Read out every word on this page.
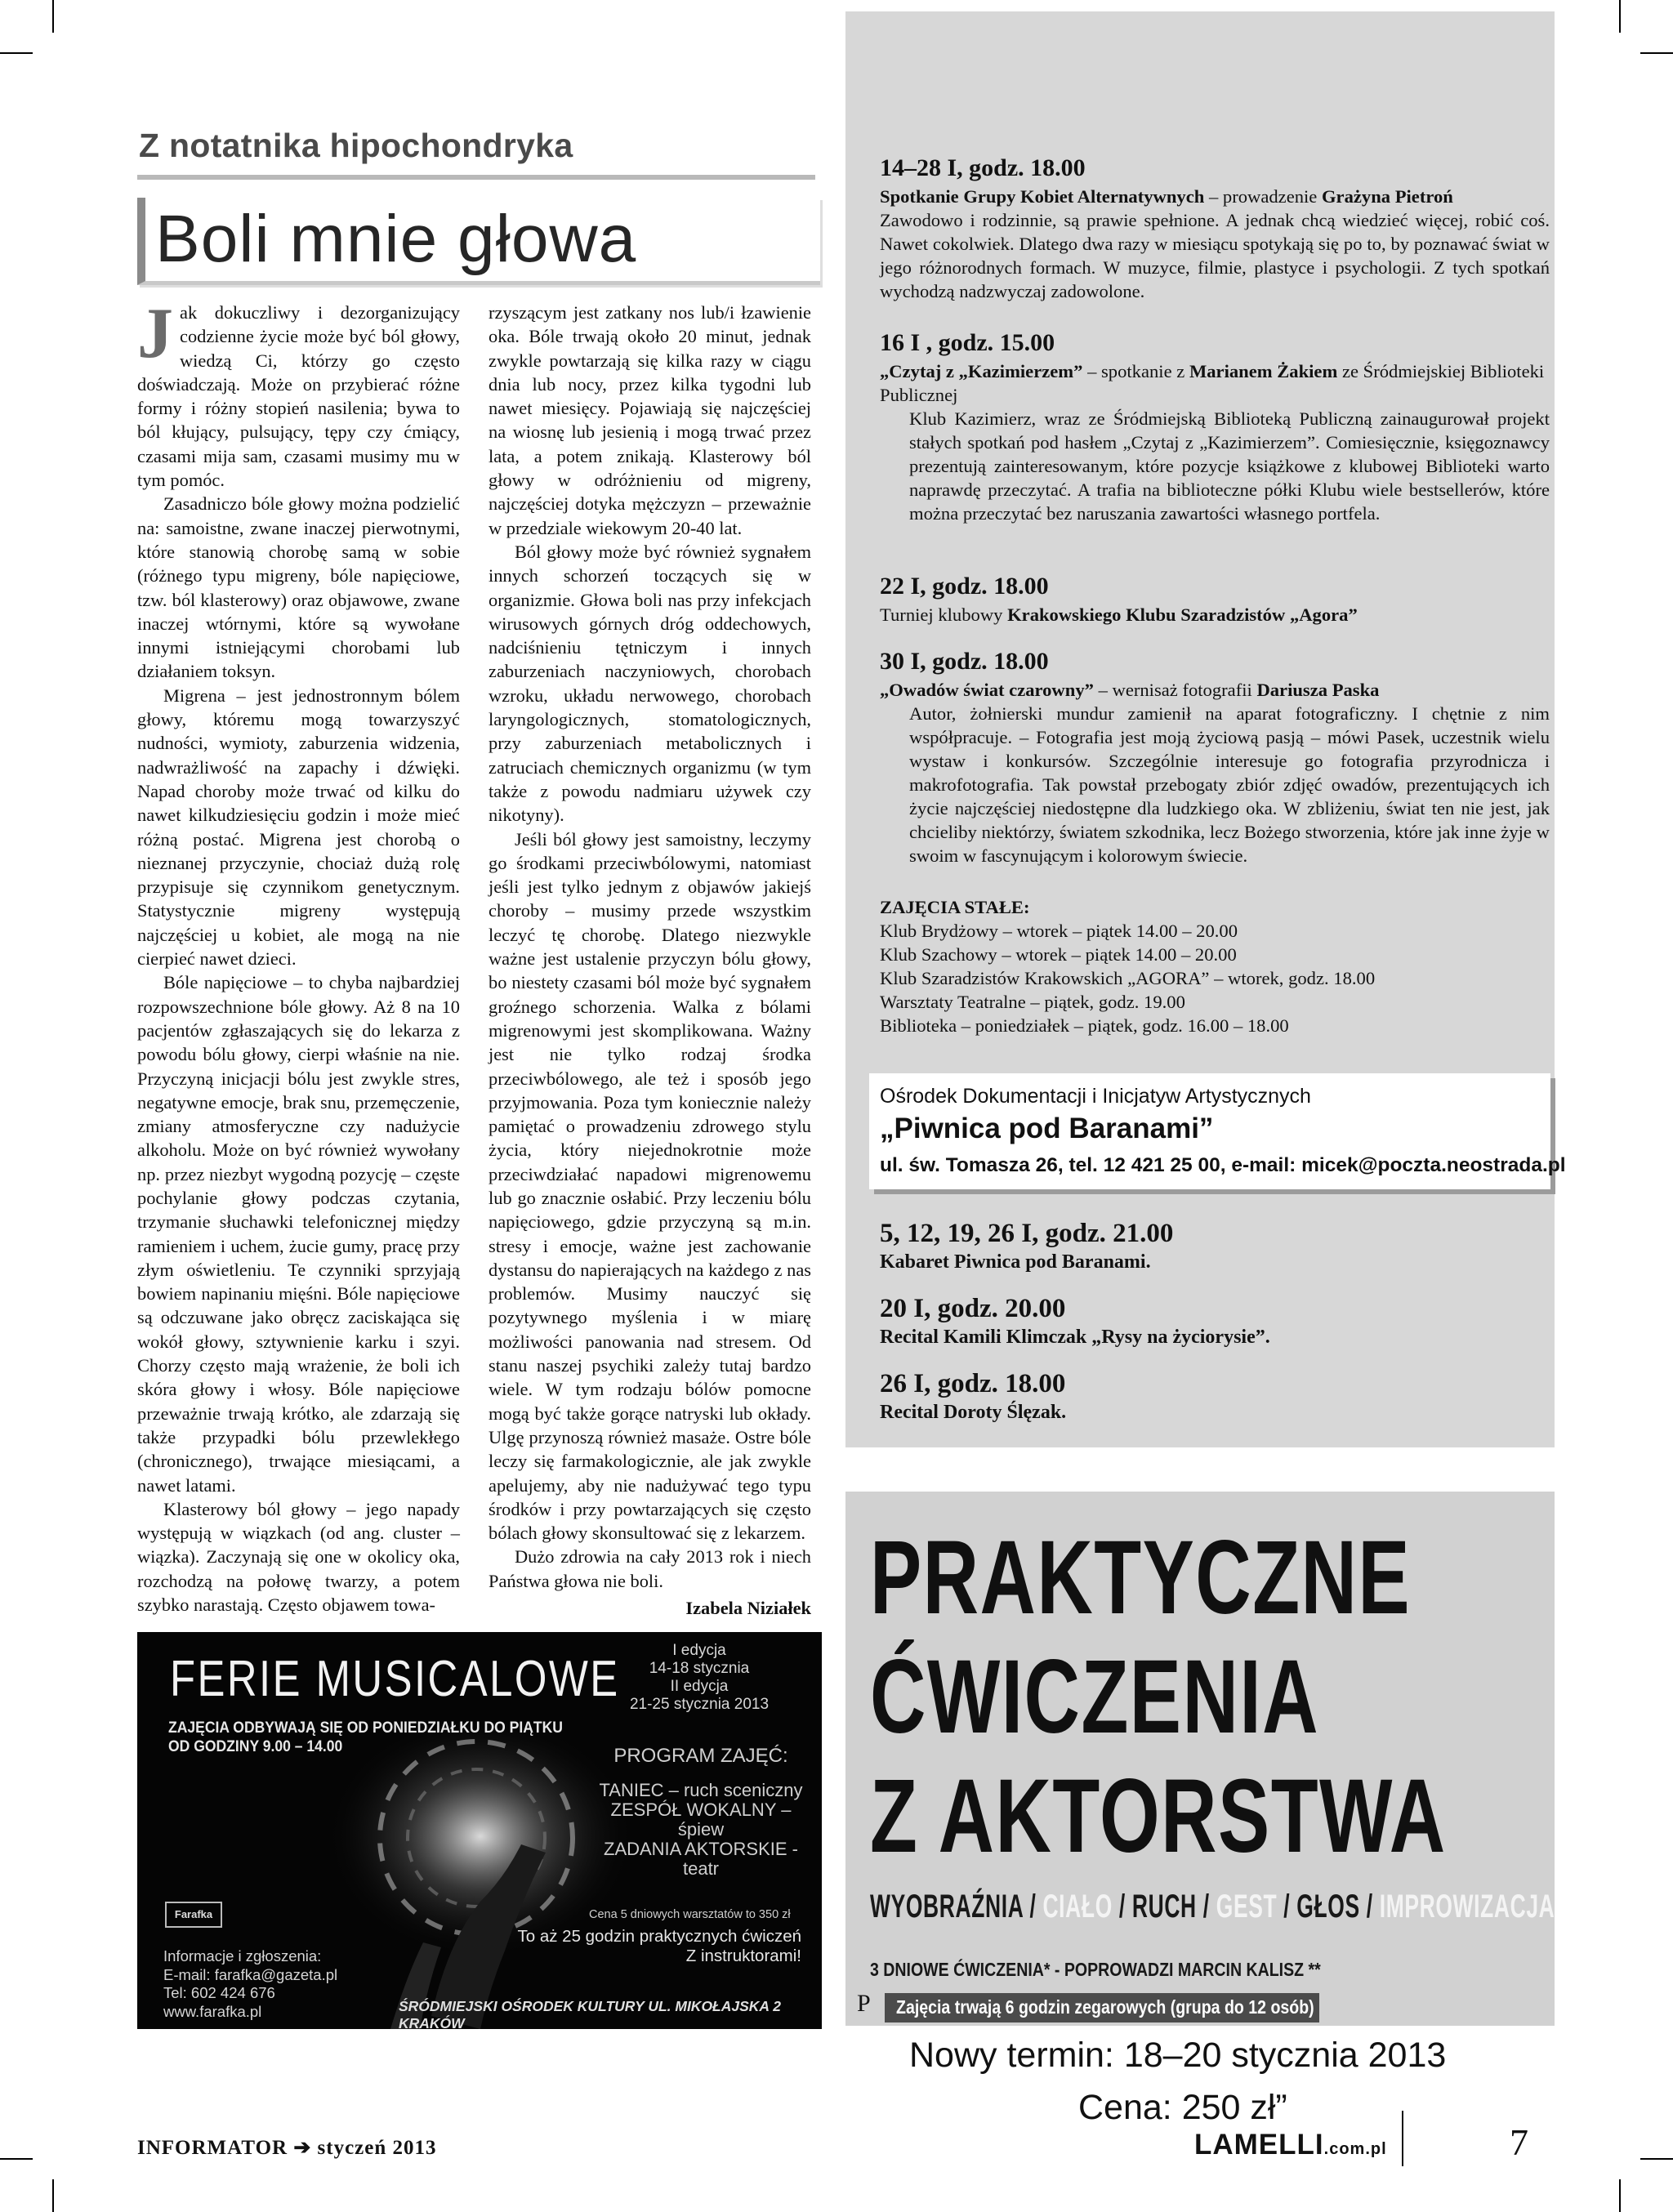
Z notatnika hipochondryka
Boli mnie głowa

Jak dokuczliwy i dezorganizujący codzienne życie może być ból głowy, wiedzą Ci, którzy go często doświadczają. Może on przybierać różne formy i różny stopień nasilenia; bywa to ból kłujący, pulsujący, tępy czy ćmiący, czasami mija sam, czasami musimy mu w tym pomóc.

Zasadniczo bóle głowy można podzielić na: samoistne, zwane inaczej pierwotnymi, które stanowią chorobę samą w sobie (różnego typu migreny, bóle napięciowe, tzw. ból klasterowy) oraz objawowe, zwane inaczej wtórnymi, które są wywołane innymi istniejącymi chorobami lub działaniem toksyn.

Migrena – jest jednostronnym bólem głowy, któremu mogą towarzyszyć nudności, wymioty, zaburzenia widzenia, nadwrażliwość na zapachy i dźwięki. Napad choroby może trwać od kilku do nawet kilkudziesięciu godzin i może mieć różną postać. Migrena jest chorobą o nieznanej przyczynie, chociaż dużą rolę przypisuje się czynnikom genetycznym. Statystycznie migreny występują najczęściej u kobiet, ale mogą na nie cierpieć nawet dzieci.

Bóle napięciowe – to chyba najbardziej rozpowszechnione bóle głowy. Aż 8 na 10 pacjentów zgłaszających się do lekarza z powodu bólu głowy, cierpi właśnie na nie. Przyczyną inicjacji bólu jest zwykle stres, negatywne emocje, brak snu, przemęczenie, zmiany atmosferyczne czy nadużycie alkoholu. Może on być również wywołany np. przez niezbyt wygodną pozycję – częste pochylanie głowy podczas czytania, trzymanie słuchawki telefonicznej między ramieniem i uchem, żucie gumy, pracę przy złym oświetleniu. Te czynniki sprzyjają bowiem napinaniu mięśni. Bóle napięciowe są odczuwane jako obręcz zaciskająca się wokół głowy, sztywnienie karku i szyi. Chorzy często mają wrażenie, że boli ich skóra głowy i włosy. Bóle napięciowe przeważnie trwają krótko, ale zdarzają się także przypadki bólu przewlekłego (chronicznego), trwające miesiącami, a nawet latami.

Klasterowy ból głowy – jego napady występują w wiązkach (od ang. cluster – wiązka). Zaczynają się one w okolicy oka, rozchodzą na połowę twarzy, a potem szybko narastają. Często objawem towa-

rzyszącym jest zatkany nos lub/i łzawienie oka. Bóle trwają około 20 minut, jednak zwykle powtarzają się kilka razy w ciągu dnia lub nocy, przez kilka tygodni lub nawet miesięcy. Pojawiają się najczęściej na wiosnę lub jesienią i mogą trwać przez lata, a potem znikają. Klasterowy ból głowy w odróżnieniu od migreny, najczęściej dotyka mężczyzn – przeważnie w przedziale wiekowym 20-40 lat.

Ból głowy może być również sygnałem innych schorzeń toczących się w organizmie. Głowa boli nas przy infekcjach wirusowych górnych dróg oddechowych, nadciśnieniu tętniczym i innych zaburzeniach naczyniowych, chorobach wzroku, układu nerwowego, chorobach laryngologicznych, stomatologicznych, przy zaburzeniach metabolicznych i zatruciach chemicznych organizmu (w tym także z powodu nadmiaru używek czy nikotyny).

Jeśli ból głowy jest samoistny, leczymy go środkami przeciwbólowymi, natomiast jeśli jest tylko jednym z objawów jakiejś choroby – musimy przede wszystkim leczyć tę chorobę. Dlatego niezwykle ważne jest ustalenie przyczyn bólu głowy, bo niestety czasami ból może być sygnałem groźnego schorzenia. Walka z bólami migrenowymi jest skomplikowana. Ważny jest nie tylko rodzaj środka przeciwbólowego, ale też i sposób jego przyjmowania. Poza tym koniecznie należy pamiętać o prowadzeniu zdrowego stylu życia, który niejednokrotnie może przeciwdziałać napadowi migrenowemu lub go znacznie osłabić. Przy leczeniu bólu napięciowego, gdzie przyczyną są m.in. stresy i emocje, ważne jest zachowanie dystansu do napierających na każdego z nas problemów. Musimy nauczyć się pozytywnego myślenia i w miarę możliwości panowania nad stresem. Od stanu naszej psychiki zależy tutaj bardzo wiele. W tym rodzaju bólów pomocne mogą być także gorące natryski lub okłady. Ulgę przynoszą również masaże. Ostre bóle leczy się farmakologicznie, ale jak zwykle apelujemy, aby nie nadużywać tego typu środków i przy powtarzających się często bólach głowy skonsultować się z lekarzem.

Dużo zdrowia na cały 2013 rok i niech Państwa głowa nie boli.

Izabela Niziałek

14–28 I, godz. 18.00

Spotkanie Grupy Kobiet Alternatywnych – prowadzenie Grażyna Pietroń

Zawodowo i rodzinnie, są prawie spełnione. A jednak chcą wiedzieć więcej, robić coś. Nawet cokolwiek. Dlatego dwa razy w miesiącu spotykają się po to, by poznawać świat w jego różnorodnych formach. W muzyce, filmie, plastyce i psychologii. Z tych spotkań wychodzą nadzwyczaj zadowolone.

16 I , godz. 15.00

„Czytaj z „Kazimierzem” – spotkanie z Marianem Żakiem ze Śródmiejskiej Biblioteki Publicznej

Klub Kazimierz, wraz ze Śródmiejską Biblioteką Publiczną zainaugurował projekt stałych spotkań pod hasłem „Czytaj z „Kazimierzem”. Comiesięcznie, księgoznawcy prezentują zainteresowanym, które pozycje książkowe z klubowej Biblioteki warto naprawdę przeczytać. A trafia na biblioteczne półki Klubu wiele bestsellerów, które można przeczytać bez naruszania zawartości własnego portfela.

22 I, godz. 18.00

Turniej klubowy Krakowskiego Klubu Szaradzistów „Agora”

30 I, godz. 18.00

„Owadów świat czarowny” – wernisaż fotografii Dariusza Paska

Autor, żołnierski mundur zamienił na aparat fotograficzny. I chętnie z nim współpracuje. – Fotografia jest moją życiową pasją – mówi Pasek, uczestnik wielu wystaw i konkursów. Szczególnie interesuje go fotografia przyrodnicza i makrofotografia. Tak powstał przebogaty zbiór zdjęć owadów, prezentujących ich życie najczęściej niedostępne dla ludzkiego oka. W zbliżeniu, świat ten nie jest, jak chcieliby niektórzy, światem szkodnika, lecz Bożego stworzenia, które jak inne żyje w swoim w fascynującym i kolorowym świecie.

ZAJĘCIA STAŁE:

Klub Brydżowy – wtorek – piątek 14.00 – 20.00

Klub Szachowy – wtorek – piątek 14.00 – 20.00

Klub Szaradzistów Krakowskich „AGORA” – wtorek, godz. 18.00

Warsztaty Teatralne – piątek, godz. 19.00

Biblioteka – poniedziałek – piątek, godz. 16.00 – 18.00

Ośrodek Dokumentacji i Inicjatyw Artystycznych
„Piwnica pod Baranami”
ul. św. Tomasza 26, tel. 12 421 25 00, e-mail: micek@poczta.neostrada.pl
5, 12, 19, 26 I, godz. 21.00
Kabaret Piwnica pod Baranami.
20 I, godz. 20.00
Recital Kamili Klimczak „Rysy na życiorysie”.
26 I, godz. 18.00
Recital Doroty Ślęzak.
FERIE MUSICALOWE
ZAJĘCIA ODBYWAJĄ SIĘ OD PONIEDZIAŁKU DO PIĄTKU
OD GODZINY 9.00 – 14.00
I edycja
14-18 stycznia
II edycja
21-25 stycznia 2013
PROGRAM ZAJĘĆ:
TANIEC – ruch sceniczny
ZESPÓŁ WOKALNY – śpiew
ZADANIA AKTORSKIE - teatr
Farafka	Cena 5 dniowych warsztatów to 350 zł
To aż 25 godzin praktycznych ćwiczeń
Z instruktorami!
Informacje i zgłoszenia:
E-mail: farafka@gazeta.pl
Tel: 602 424 676
www.farafka.pl	ŚRÓDMIEJSKI OŚRODEK KULTURY UL. MIKOŁAJSKA 2 KRAKÓW
PRAKTYCZNE
ĆWICZENIA
Z AKTORSTWA
WYOBRAŹNIA / CIAŁO / RUCH / GEST / GŁOS / IMPROWIZACJA
3 DNIOWE ĆWICZENIA* - POPROWADZI MARCIN KALISZ **
Zajęcia trwają 6 godzin zegarowych (grupa do 12 osób)
P
Nowy termin: 18–20 stycznia 2013
Cena: 250 zł”
INFORMATOR ➔ styczeń 2013	LAMELLI.com.pl	7
